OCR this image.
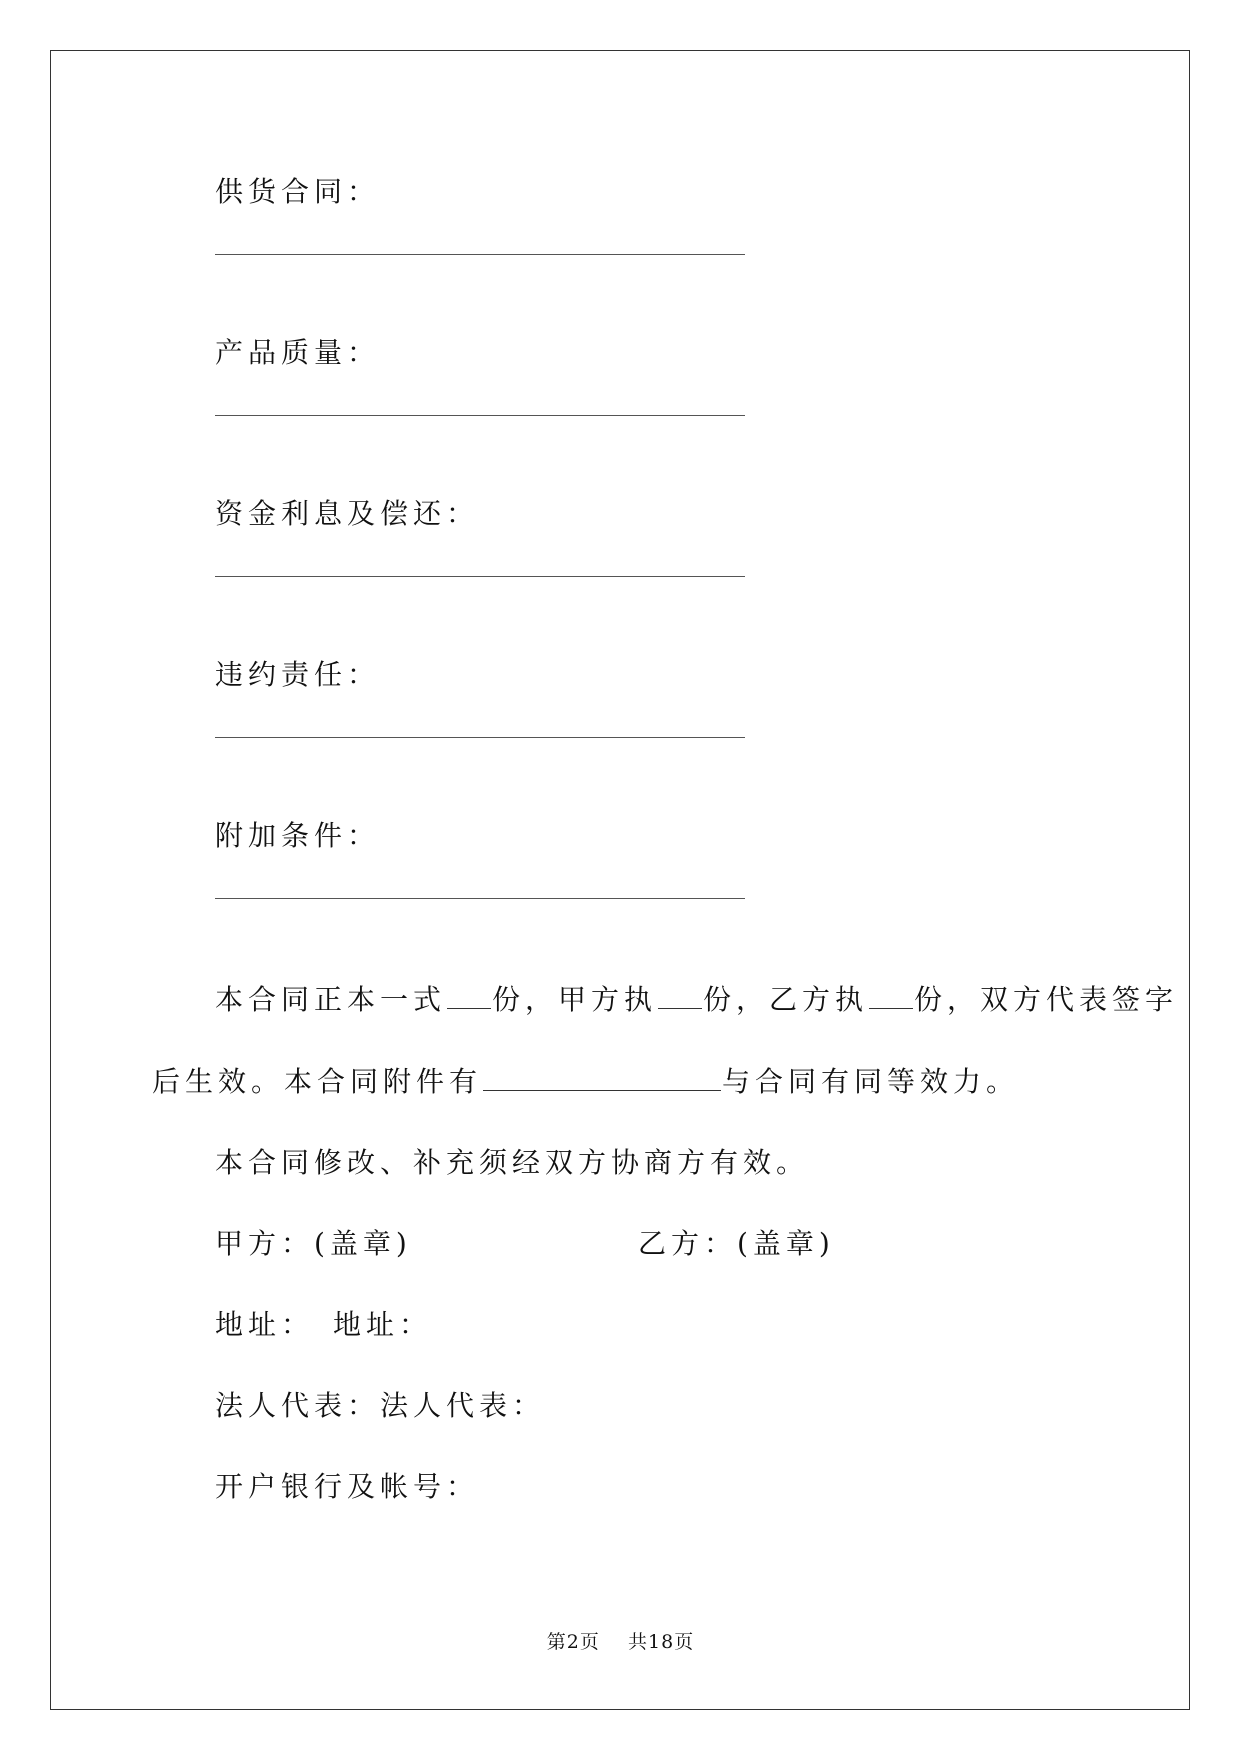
供货合同：
产品质量：
资金利息及偿还：
违约责任：
附加条件：
本合同正本一式 份，甲方执 份，乙方执 份，双方代表签字
后生效。本合同附件有	与合同有同等效力。
本合同修改、补充须经双方协商方有效。
甲方：(盖章)	乙方：(盖章)
地址：　地址：
法人代表：法人代表：
开户银行及帐号：
第2页 共18页
